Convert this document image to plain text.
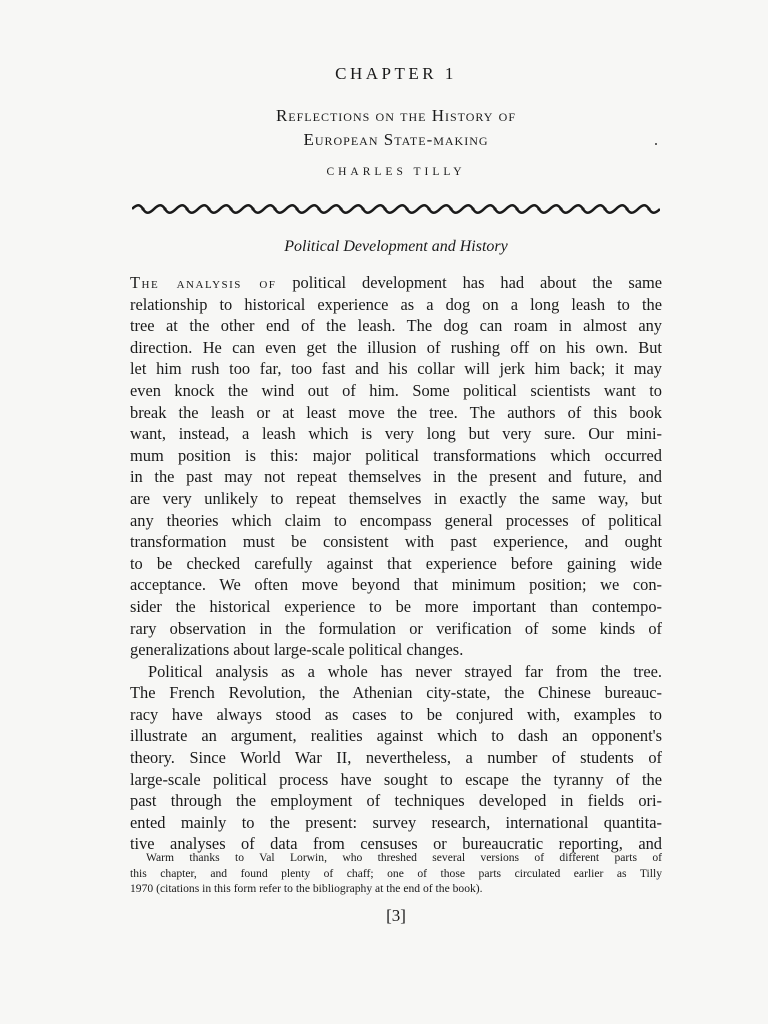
CHAPTER 1
Reflections on the History of
European State-making
CHARLES TILLY
Political Development and History
The analysis of political development has had about the same
relationship to historical experience as a dog on a long leash to the
tree at the other end of the leash. The dog can roam in almost any
direction. He can even get the illusion of rushing off on his own. But
let him rush too far, too fast and his collar will jerk him back; it may
even knock the wind out of him. Some political scientists want to
break the leash or at least move the tree. The authors of this book
want, instead, a leash which is very long but very sure. Our mini-
mum position is this: major political transformations which occurred
in the past may not repeat themselves in the present and future, and
are very unlikely to repeat themselves in exactly the same way, but
any theories which claim to encompass general processes of political
transformation must be consistent with past experience, and ought
to be checked carefully against that experience before gaining wide
acceptance. We often move beyond that minimum position; we con-
sider the historical experience to be more important than contempo-
rary observation in the formulation or verification of some kinds of
generalizations about large-scale political changes.
Political analysis as a whole has never strayed far from the tree.
The French Revolution, the Athenian city-state, the Chinese bureauc-
racy have always stood as cases to be conjured with, examples to
illustrate an argument, realities against which to dash an opponent's
theory. Since World War II, nevertheless, a number of students of
large-scale political process have sought to escape the tyranny of the
past through the employment of techniques developed in fields ori-
ented mainly to the present: survey research, international quantita-
tive analyses of data from censuses or bureaucratic reporting, and
Warm thanks to Val Lorwin, who threshed several versions of different parts of
this chapter, and found plenty of chaff; one of those parts circulated earlier as Tilly
1970 (citations in this form refer to the bibliography at the end of the book).
[3]
